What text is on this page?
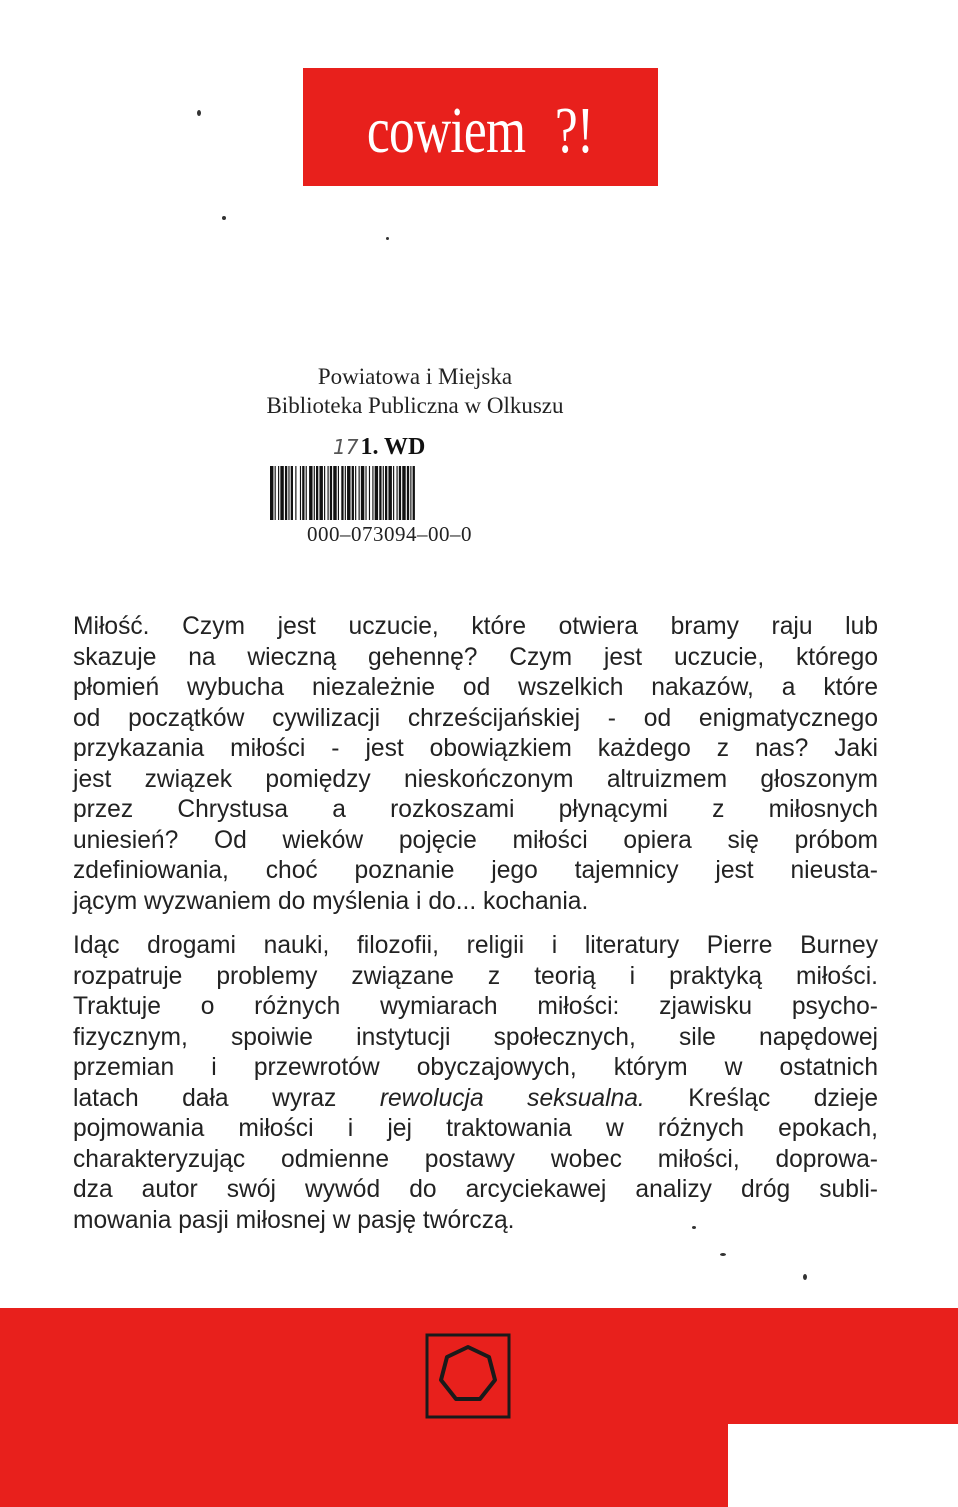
cowiem ?!
Powiatowa i Miejska
Biblioteka Publiczna w Olkuszu
171. WD
000–073094–00–0

Miłość. Czym jest uczucie, które otwiera bramy raju lub
skazuje na wieczną gehennę? Czym jest uczucie, którego
płomień wybucha niezależnie od wszelkich nakazów, a które
od początków cywilizacji chrześcijańskiej - od enigmatycznego
przykazania miłości - jest obowiązkiem każdego z nas? Jaki
jest związek pomiędzy nieskończonym altruizmem głoszonym
przez Chrystusa a rozkoszami płynącymi z miłosnych
uniesień? Od wieków pojęcie miłości opiera się próbom
zdefiniowania, choć poznanie jego tajemnicy jest nieusta-
jącym wyzwaniem do myślenia i do... kochania.

Idąc drogami nauki, filozofii, religii i literatury Pierre Burney
rozpatruje problemy związane z teorią i praktyką miłości.
Traktuje o różnych wymiarach miłości: zjawisku psycho-
fizycznym, spoiwie instytucji społecznych, sile napędowej
przemian i przewrotów obyczajowych, którym w ostatnich
latach dała wyraz rewolucja seksualna. Kreśląc dzieje
pojmowania miłości i jej traktowania w różnych epokach,
charakteryzując odmienne postawy wobec miłości, doprowa-
dza autor swój wywód do arcyciekawej analizy dróg subli-
mowania pasji miłosnej w pasję twórczą.
